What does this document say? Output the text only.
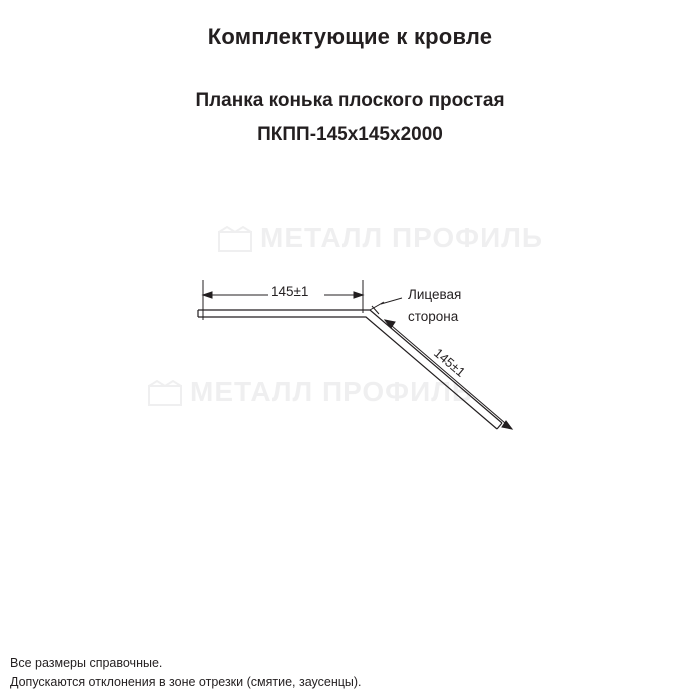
Комплектующие к кровле
Планка конька плоского простая
ПКПП-145х145х2000
МЕТАЛЛ ПРОФИЛЬ
МЕТАЛЛ ПРОФИЛЬ
Лицевая
сторона
145±1
145±1
Все размеры справочные.
Допускаются отклонения в зоне отрезки (смятие, заусенцы).
